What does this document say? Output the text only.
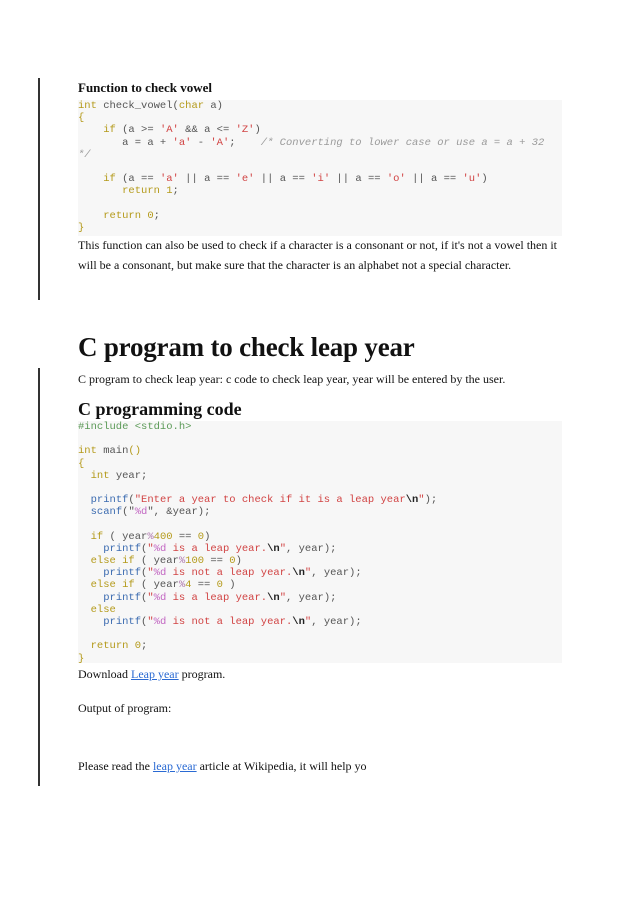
Function to check vowel
int check_vowel(char a)
{
if (a >= 'A' && a <= 'Z')
a = a + 'a' - 'A'; /* Converting to lower case or use a = a + 32
*/

if (a == 'a' || a == 'e' || a == 'i' || a == 'o' || a == 'u')
return 1;

return 0;
}
This function can also be used to check if a character is a consonant or not, if it's not a vowel then it will be a consonant, but make sure that the character is an alphabet not a special character.
C program to check leap year
C program to check leap year: c code to check leap year, year will be entered by the user.
C programming code
#include <stdio.h>

int main()
{
int year;

printf("Enter a year to check if it is a leap year\n");
scanf("%d", &year);

if ( year%400 == 0)
printf("%d is a leap year.\n", year);
else if ( year%100 == 0)
printf("%d is not a leap year.\n", year);
else if ( year%4 == 0 )
printf("%d is a leap year.\n", year);
else
printf("%d is not a leap year.\n", year);

return 0;
}
Download Leap year program.
Output of program:
Please read the leap year article at Wikipedia, it will help yo
